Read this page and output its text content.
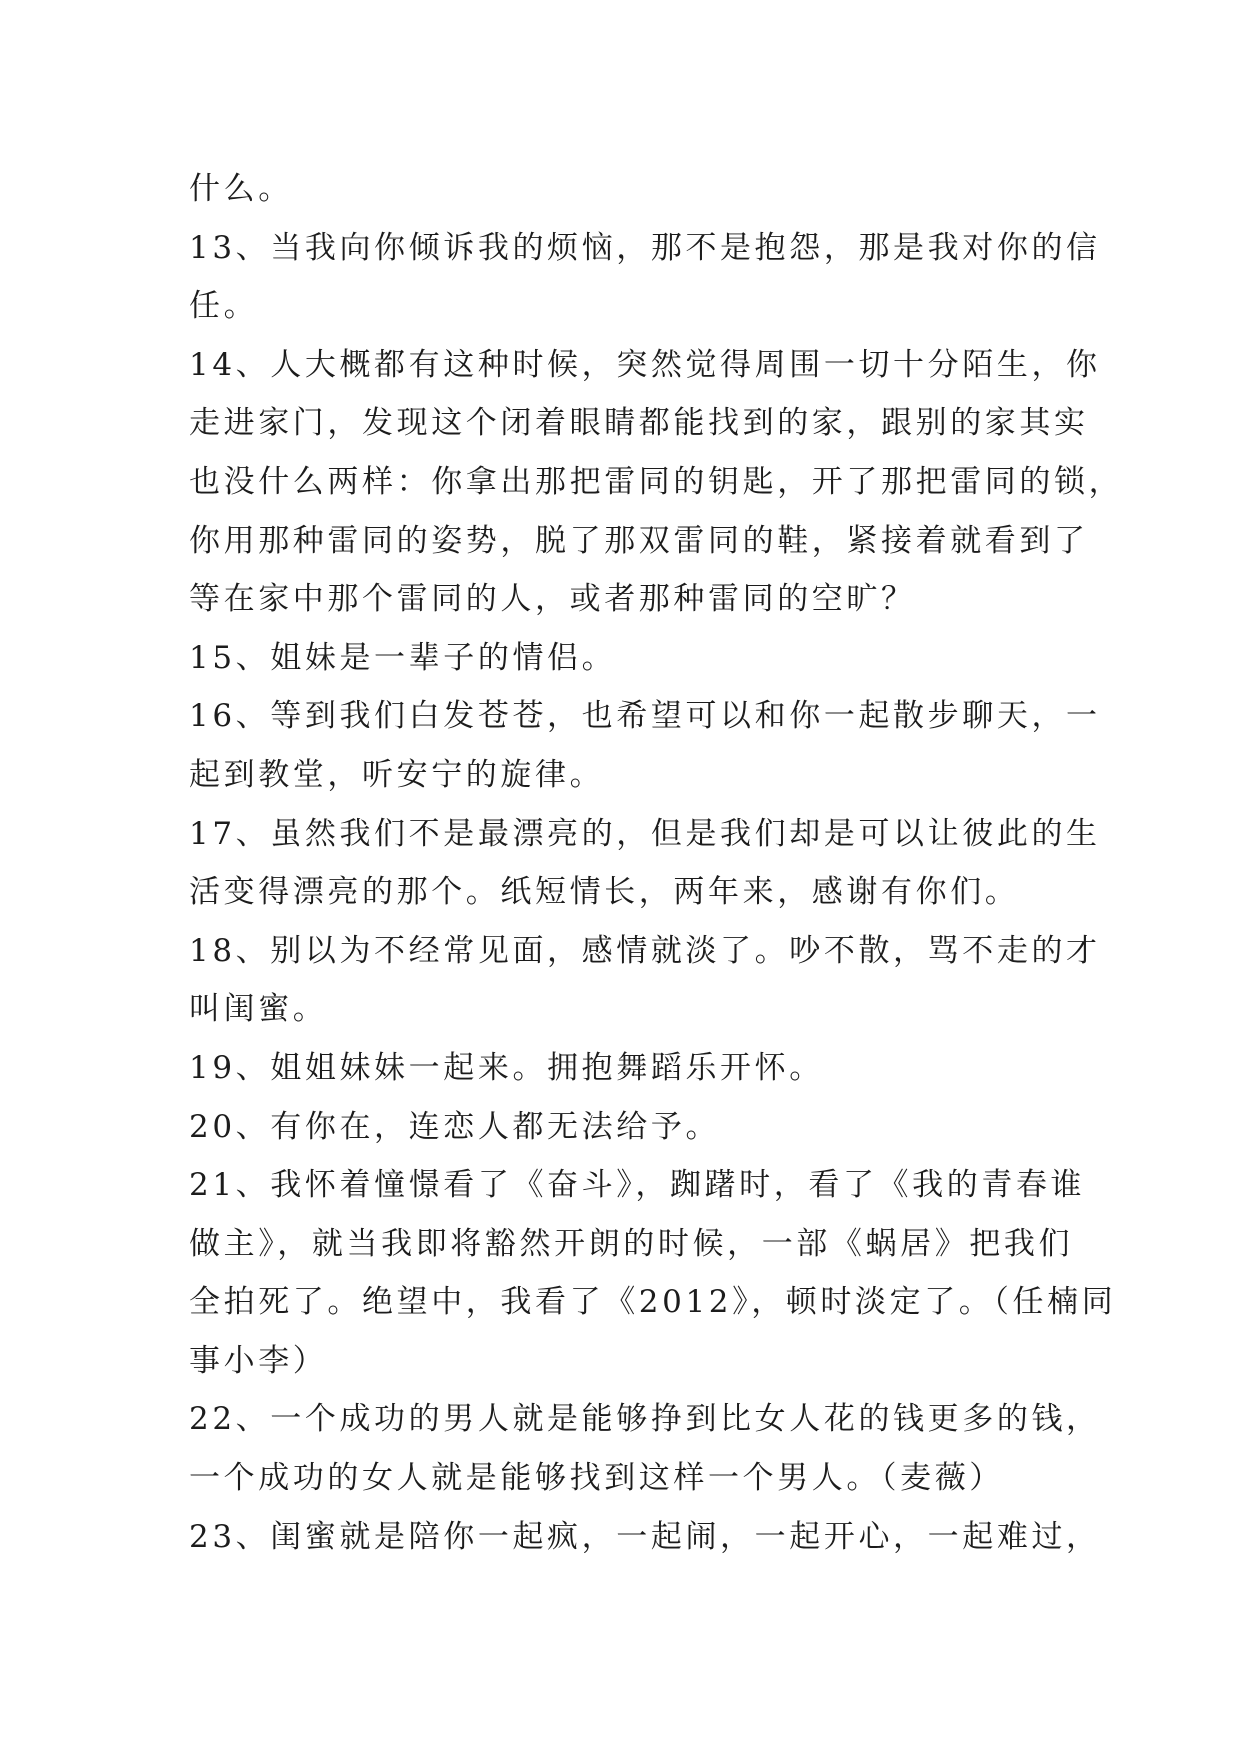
什么。
13、当我向你倾诉我的烦恼，那不是抱怨，那是我对你的信
任。
14、人大概都有这种时候，突然觉得周围一切十分陌生，你
走进家门，发现这个闭着眼睛都能找到的家，跟别的家其实
也没什么两样：你拿出那把雷同的钥匙，开了那把雷同的锁，
你用那种雷同的姿势，脱了那双雷同的鞋，紧接着就看到了
等在家中那个雷同的人，或者那种雷同的空旷？
15、姐妹是一辈子的情侣。
16、等到我们白发苍苍，也希望可以和你一起散步聊天，一
起到教堂，听安宁的旋律。
17、虽然我们不是最漂亮的，但是我们却是可以让彼此的生
活变得漂亮的那个。纸短情长，两年来，感谢有你们。
18、别以为不经常见面，感情就淡了。吵不散，骂不走的才
叫闺蜜。
19、姐姐妹妹一起来。拥抱舞蹈乐开怀。
20、有你在，连恋人都无法给予。
21、我怀着憧憬看了《奋斗》，踟躇时，看了《我的青春谁
做主》，就当我即将豁然开朗的时候，一部《蜗居》把我们
全拍死了。绝望中，我看了《2012》，顿时淡定了。（任楠同
事小李）
22、一个成功的男人就是能够挣到比女人花的钱更多的钱，
一个成功的女人就是能够找到这样一个男人。（麦薇）
23、闺蜜就是陪你一起疯，一起闹，一起开心，一起难过，
